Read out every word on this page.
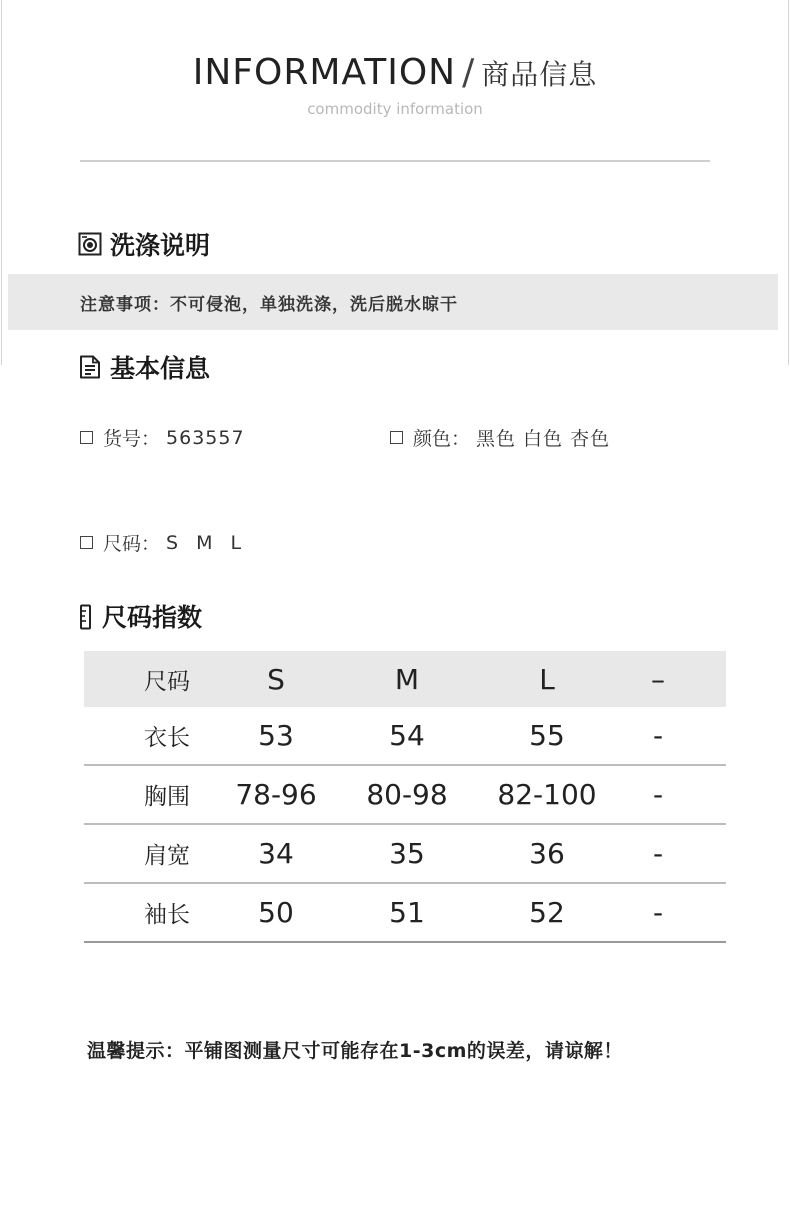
INFORMATION / 商品信息
commodity information
洗涤说明
注意事项：不可侵泡，单独洗涤，洗后脱水晾干
基本信息
货号： 563557	颜色： 黑色 白色 杏色
尺码： S M L
尺码指数
尺码	S	M	L	–
衣长 53	54	55	-
胸围 78-96 80-98 82-100 -
肩宽 34	35	36	-
袖长 50	51	52	-
温馨提示：平铺图测量尺寸可能存在1-3cm的误差，请谅解！
